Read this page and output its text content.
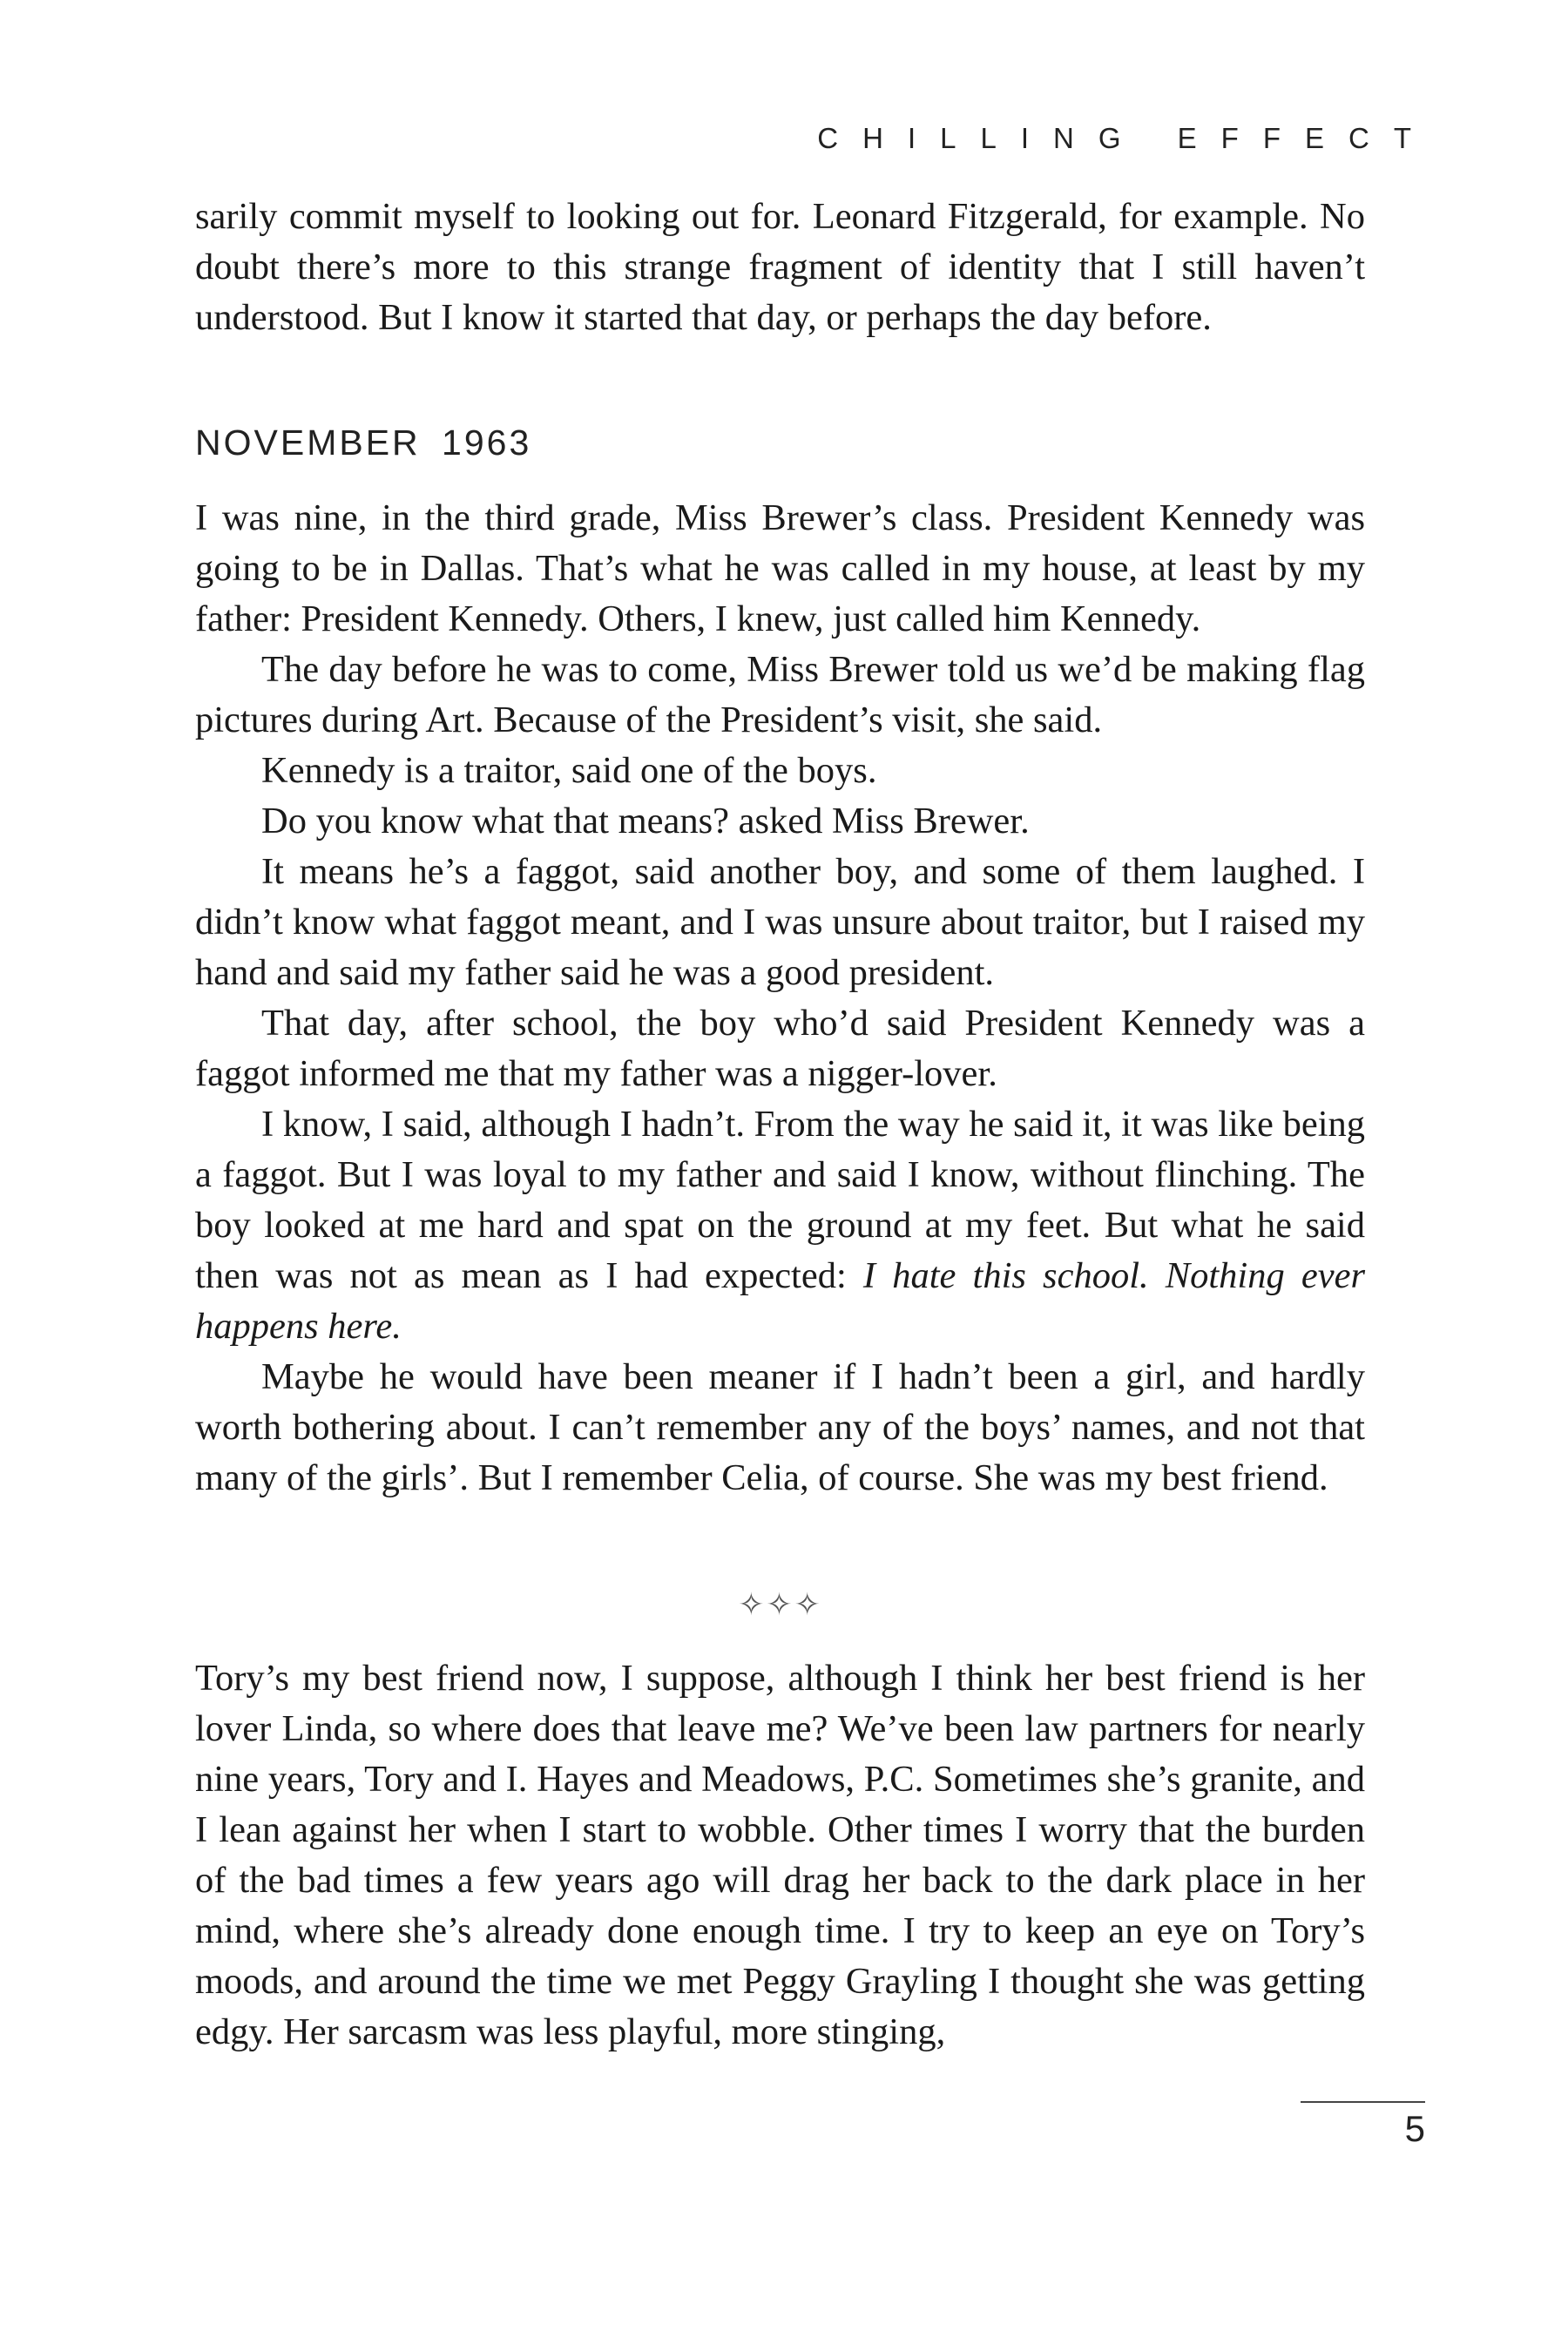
CHILLING EFFECT

sarily commit myself to looking out for. Leonard Fitzgerald, for example. No doubt there’s more to this strange fragment of identity that I still haven’t understood. But I know it started that day, or perhaps the day before.

NOVEMBER 1963

I was nine, in the third grade, Miss Brewer’s class. President Kennedy was going to be in Dallas. That’s what he was called in my house, at least by my father: President Kennedy. Others, I knew, just called him Kennedy.

The day before he was to come, Miss Brewer told us we’d be making flag pictures during Art. Because of the President’s visit, she said.

Kennedy is a traitor, said one of the boys.

Do you know what that means? asked Miss Brewer.

It means he’s a faggot, said another boy, and some of them laughed. I didn’t know what faggot meant, and I was unsure about traitor, but I raised my hand and said my father said he was a good president.

That day, after school, the boy who’d said President Kennedy was a faggot informed me that my father was a nigger-lover.

I know, I said, although I hadn’t. From the way he said it, it was like being a faggot. But I was loyal to my father and said I know, without flinching. The boy looked at me hard and spat on the ground at my feet. But what he said then was not as mean as I had expected: I hate this school. Nothing ever happens here.

Maybe he would have been meaner if I hadn’t been a girl, and hardly worth bothering about. I can’t remember any of the boys’ names, and not that many of the girls’. But I remember Celia, of course. She was my best friend.

✧✧✧

Tory’s my best friend now, I suppose, although I think her best friend is her lover Linda, so where does that leave me? We’ve been law partners for nearly nine years, Tory and I. Hayes and Meadows, P.C. Sometimes she’s granite, and I lean against her when I start to wobble. Other times I worry that the burden of the bad times a few years ago will drag her back to the dark place in her mind, where she’s already done enough time. I try to keep an eye on Tory’s moods, and around the time we met Peggy Grayling I thought she was getting edgy. Her sarcasm was less playful, more stinging,

5
